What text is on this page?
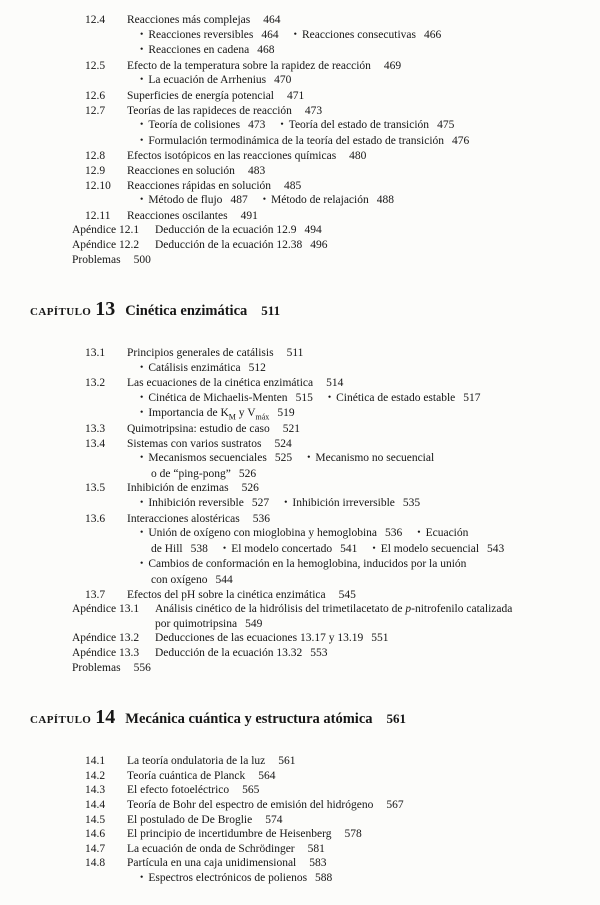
12.4 Reacciones más complejas 464
• Reacciones reversibles 464 • Reacciones consecutivas 466
• Reacciones en cadena 468
12.5 Efecto de la temperatura sobre la rapidez de reacción 469
• La ecuación de Arrhenius 470
12.6 Superficies de energía potencial 471
12.7 Teorías de las rapideces de reacción 473
• Teoría de colisiones 473 • Teoría del estado de transición 475
• Formulación termodinámica de la teoría del estado de transición 476
12.8 Efectos isotópicos en las reacciones químicas 480
12.9 Reacciones en solución 483
12.10 Reacciones rápidas en solución 485
• Método de flujo 487 • Método de relajación 488
12.11 Reacciones oscilantes 491
Apéndice 12.1 Deducción de la ecuación 12.9 494
Apéndice 12.2 Deducción de la ecuación 12.38 496
Problemas 500
CAPÍTULO 13 Cinética enzimática 511
13.1 Principios generales de catálisis 511
• Catálisis enzimática 512
13.2 Las ecuaciones de la cinética enzimática 514
• Cinética de Michaelis-Menten 515 • Cinética de estado estable 517
• Importancia de $K_M$ y $V_{máx}$ 519
13.3 Quimotripsina: estudio de caso 521
13.4 Sistemas con varios sustratos 524
• Mecanismos secuenciales 525 • Mecanismo no secuencial
o de “ping-pong” 526
13.5 Inhibición de enzimas 526
• Inhibición reversible 527 • Inhibición irreversible 535
13.6 Interacciones alostéricas 536
• Unión de oxígeno con mioglobina y hemoglobina 536 • Ecuación
de Hill 538 • El modelo concertado 541 • El modelo secuencial 543
• Cambios de conformación en la hemoglobina, inducidos por la unión
con oxígeno 544
13.7 Efectos del pH sobre la cinética enzimática 545
Apéndice 13.1 Análisis cinético de la hidrólisis del trimetilacetato de p-nitrofenilo catalizada
por quimotripsina 549
Apéndice 13.2 Deducciones de las ecuaciones 13.17 y 13.19 551
Apéndice 13.3 Deducción de la ecuación 13.32 553
Problemas 556
CAPÍTULO 14 Mecánica cuántica y estructura atómica 561
14.1 La teoría ondulatoria de la luz 561
14.2 Teoría cuántica de Planck 564
14.3 El efecto fotoeléctrico 565
14.4 Teoría de Bohr del espectro de emisión del hidrógeno 567
14.5 El postulado de De Broglie 574
14.6 El principio de incertidumbre de Heisenberg 578
14.7 La ecuación de onda de Schrödinger 581
14.8 Partícula en una caja unidimensional 583
• Espectros electrónicos de polienos 588
